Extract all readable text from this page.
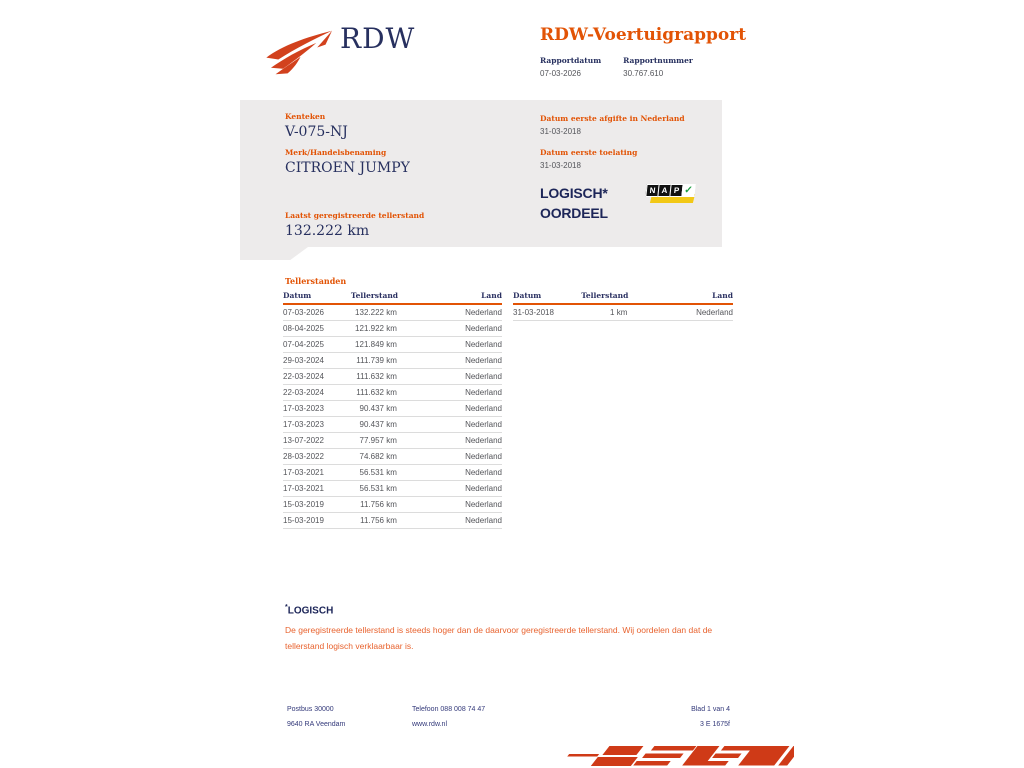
RDW	RDW-Voertuigrapport
Rapportdatum
07-03-2026
Rapportnummer
30.767.610
Kenteken
V-075-NJ
Merk/Handelsbenaming
CITROEN JUMPY
Laatst geregistreerde tellerstand
132.222 km
Datum eerste afgifte in Nederland
31-03-2018
Datum eerste toelating
31-03-2018
LOGISCH*
OORDEEL
N A P ✓
Tellerstanden
Datum	Tellerstand	Land
07-03-2026	132.222 km	Nederland
08-04-2025	121.922 km	Nederland
07-04-2025	121.849 km	Nederland
29-03-2024	111.739 km	Nederland
22-03-2024	111.632 km	Nederland
22-03-2024	111.632 km	Nederland
17-03-2023	90.437 km	Nederland
17-03-2023	90.437 km	Nederland
13-07-2022	77.957 km	Nederland
28-03-2022	74.682 km	Nederland
17-03-2021	56.531 km	Nederland
17-03-2021	56.531 km	Nederland
15-03-2019	11.756 km	Nederland
15-03-2019	11.756 km	Nederland
Datum	Tellerstand	Land
31-03-2018	1 km	Nederland
*LOGISCH
De geregistreerde tellerstand is steeds hoger dan de daarvoor geregistreerde tellerstand. Wij oordelen dan dat de tellerstand logisch verklaarbaar is.
Postbus 30000
9640 RA Veendam
Telefoon 088 008 74 47
www.rdw.nl
Blad 1 van 4
3 E 1675f
